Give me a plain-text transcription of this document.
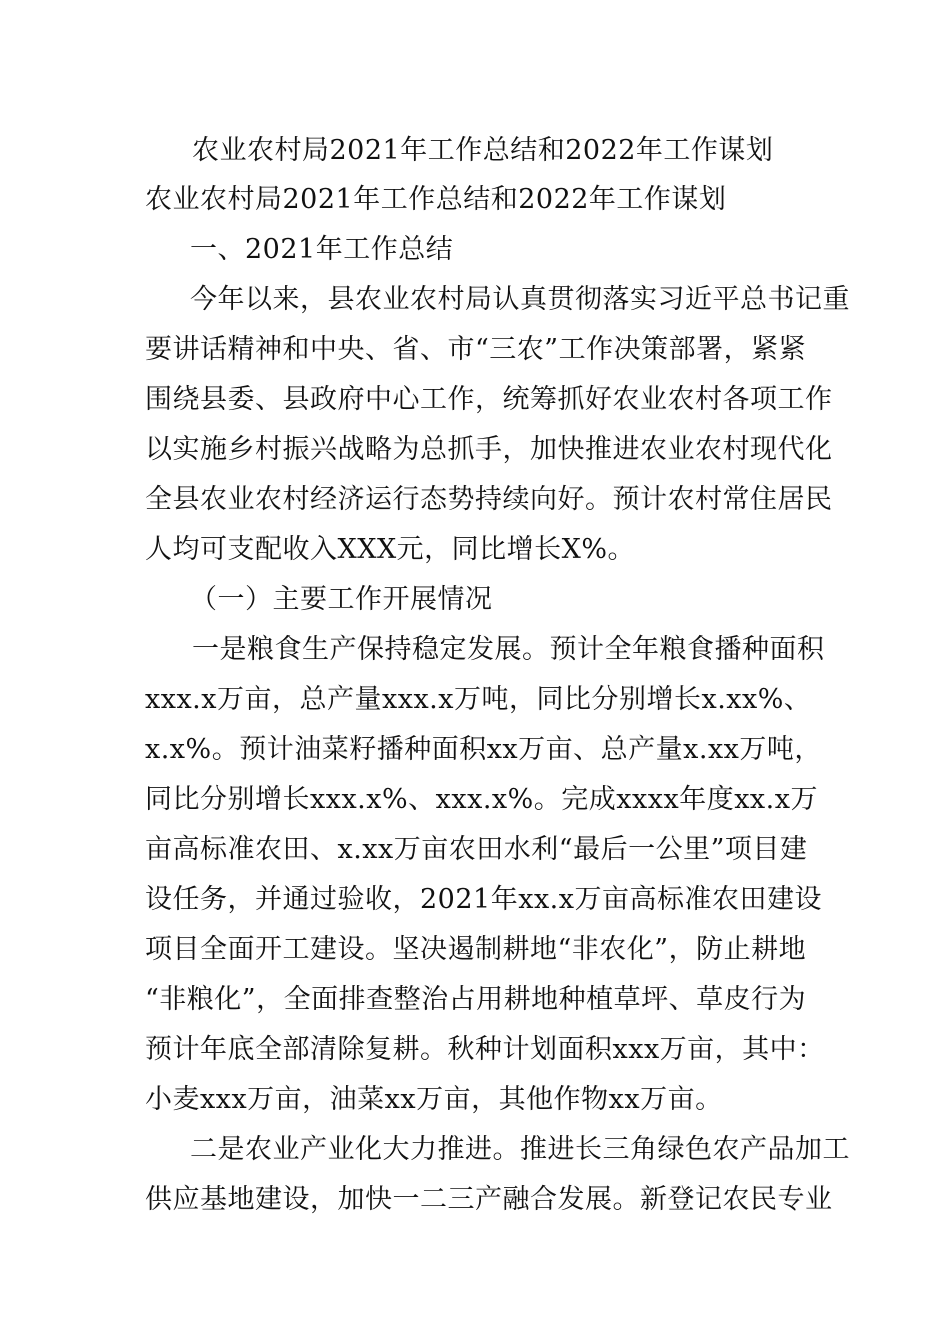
农业农村局2021年工作总结和2022年工作谋划
农业农村局2021年工作总结和2022年工作谋划
一、2021年工作总结
今年以来，县农业农村局认真贯彻落实习近平总书记重
要讲话精神和中央、省、市“三农”工作决策部署，紧紧
围绕县委、县政府中心工作，统筹抓好农业农村各项工作
以实施乡村振兴战略为总抓手，加快推进农业农村现代化
全县农业农村经济运行态势持续向好。预计农村常住居民
人均可支配收入XXX元，同比增长X%。
（一）主要工作开展情况
一是粮食生产保持稳定发展。预计全年粮食播种面积
xxx.x万亩，总产量xxx.x万吨，同比分别增长x.xx%、
x.x%。预计油菜籽播种面积xx万亩、总产量x.xx万吨，
同比分别增长xxx.x%、xxx.x%。完成xxxx年度xx.x万
亩高标准农田、x.xx万亩农田水利“最后一公里”项目建
设任务，并通过验收，2021年xx.x万亩高标准农田建设
项目全面开工建设。坚决遏制耕地“非农化”，防止耕地
“非粮化”，全面排查整治占用耕地种植草坪、草皮行为
预计年底全部清除复耕。秋种计划面积xxx万亩，其中：
小麦xxx万亩，油菜xx万亩，其他作物xx万亩。
二是农业产业化大力推进。推进长三角绿色农产品加工
供应基地建设，加快一二三产融合发展。新登记农民专业
